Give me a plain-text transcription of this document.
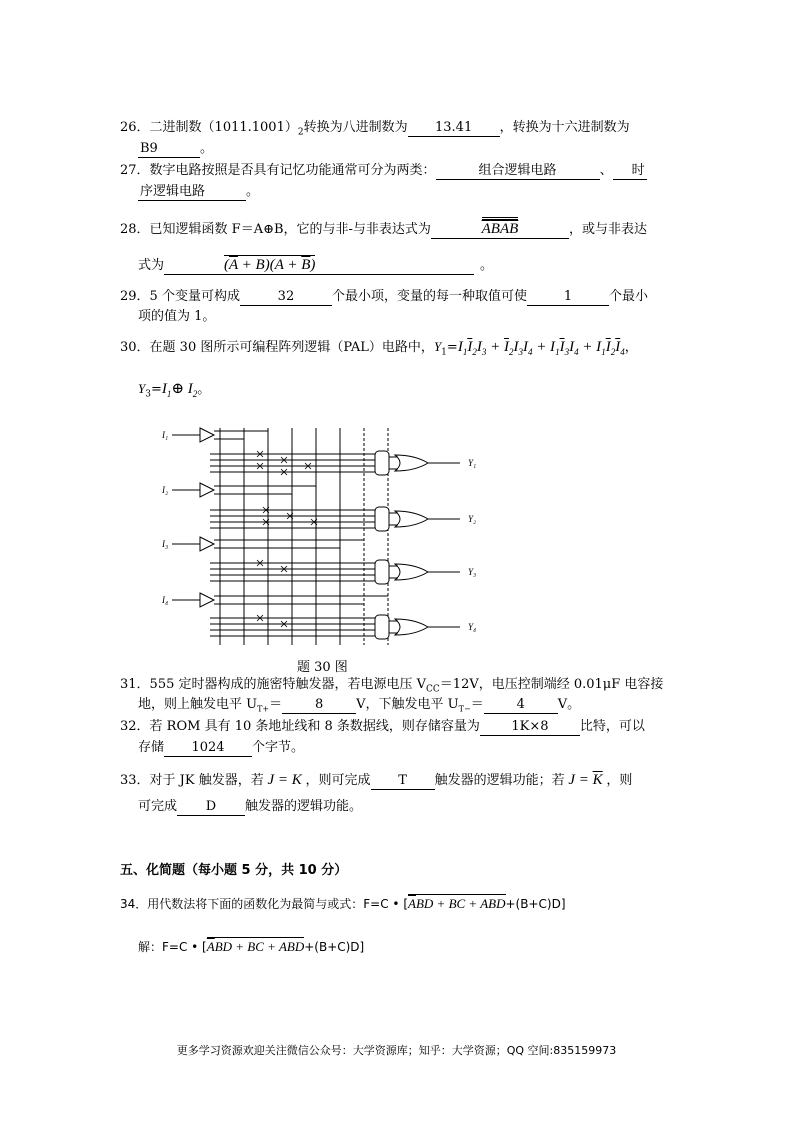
26．二进制数$(1011.1001)_2$转换为八进制数为 13.41 ，转换为十六进制数为
B9	。
27．数字电路按照是否具有记忆功能通常可分为两类：	组合逻辑电路	、 时
序逻辑电路	。
28．已知逻辑函数 F＝A⊕B，它的与非-与非表达式为	$\overline{A}\overline{B}\overline{A}\overline{B}$	，或与非表达
式为	$(\overline{A} + B)(A + \overline{B})$	。
29．5 个变量可构成	32	个最小项，变量的每一种取值可使	1	个最小
项的值为 1。
30．在题 30 图所示可编程阵列逻辑（PAL）电路中，$Y_1=I_1\overline{I}_2I_3 + \overline{I}_2I_3I_4 + I_1\overline{I}_3I_4 + I_1\overline{I}_2\overline{I}_4$，
$Y_3=I_1\oplus$ $I_2$。
I₁
I₂
I₃
I₄
Y₁
Y₂
Y₃
Y₄
题 30 图
31．555 定时器构成的施密特触发器，若电源电压 $V_{CC}=12V$，电压控制端经 0.01μF 电容接
地，则上触发电平 $U_{T+}=$	8	V，下触发电平 $U_{T-}=$	4	V。
32．若 ROM 具有 10 条地址线和 8 条数据线，则存储容量为 1K×8 比特，可以
存储 1024 个字节。
33．对于 JK 触发器，若 J = K ，则可完成 T 触发器的逻辑功能；若 $J = \overline{K}$ ，则
可完成 D 触发器的逻辑功能。
五、化简题（每小题 5 分，共 10 分）
34．用代数法将下面的函数化为最简与或式：F=C • [$\overline{A}BD$ + BC + ABD+(B+C)D]
解：F=C • [$\overline{A}BD$ + BC + ABD+(B+C)D]
更多学习资源欢迎关注微信公众号：大学资源库；知乎：大学资源；QQ 空间:835159973
